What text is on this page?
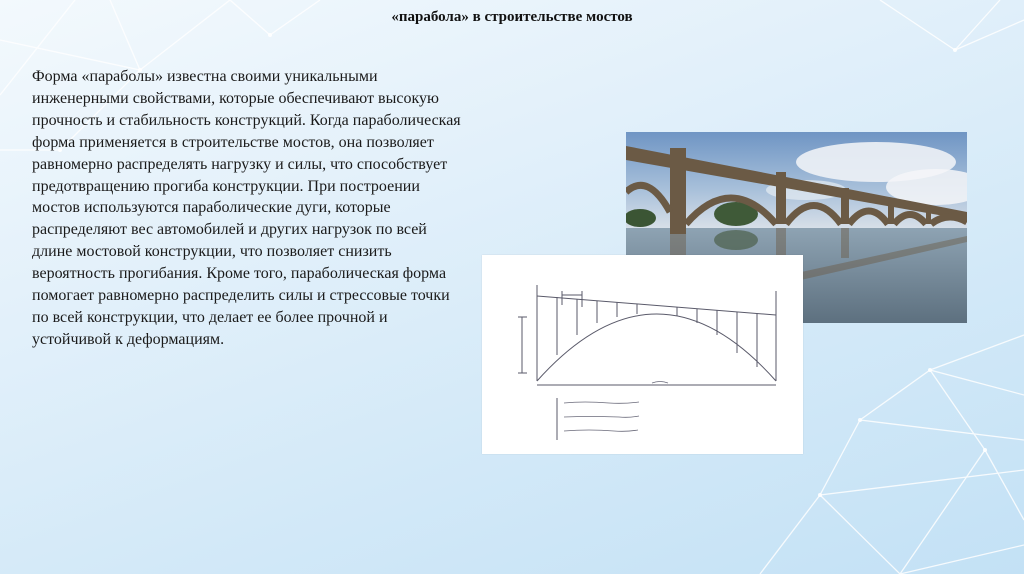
«парабола» в строительстве мостов
Форма «параболы» известна своими уникальными инженерными свойствами, которые обеспечивают высокую прочность и стабильность конструкций. Когда параболическая форма применяется в строительстве мостов, она позволяет равномерно распределять нагрузку и силы, что способствует предотвращению прогиба конструкции. При построении мостов используются параболические дуги, которые распределяют вес автомобилей и других нагрузок по всей длине мостовой конструкции, что позволяет снизить вероятность прогибания. Кроме того, параболическая форма помогает равномерно распределить силы и стрессовые точки по всей конструкции, что делает ее более прочной и устойчивой к деформациям.
